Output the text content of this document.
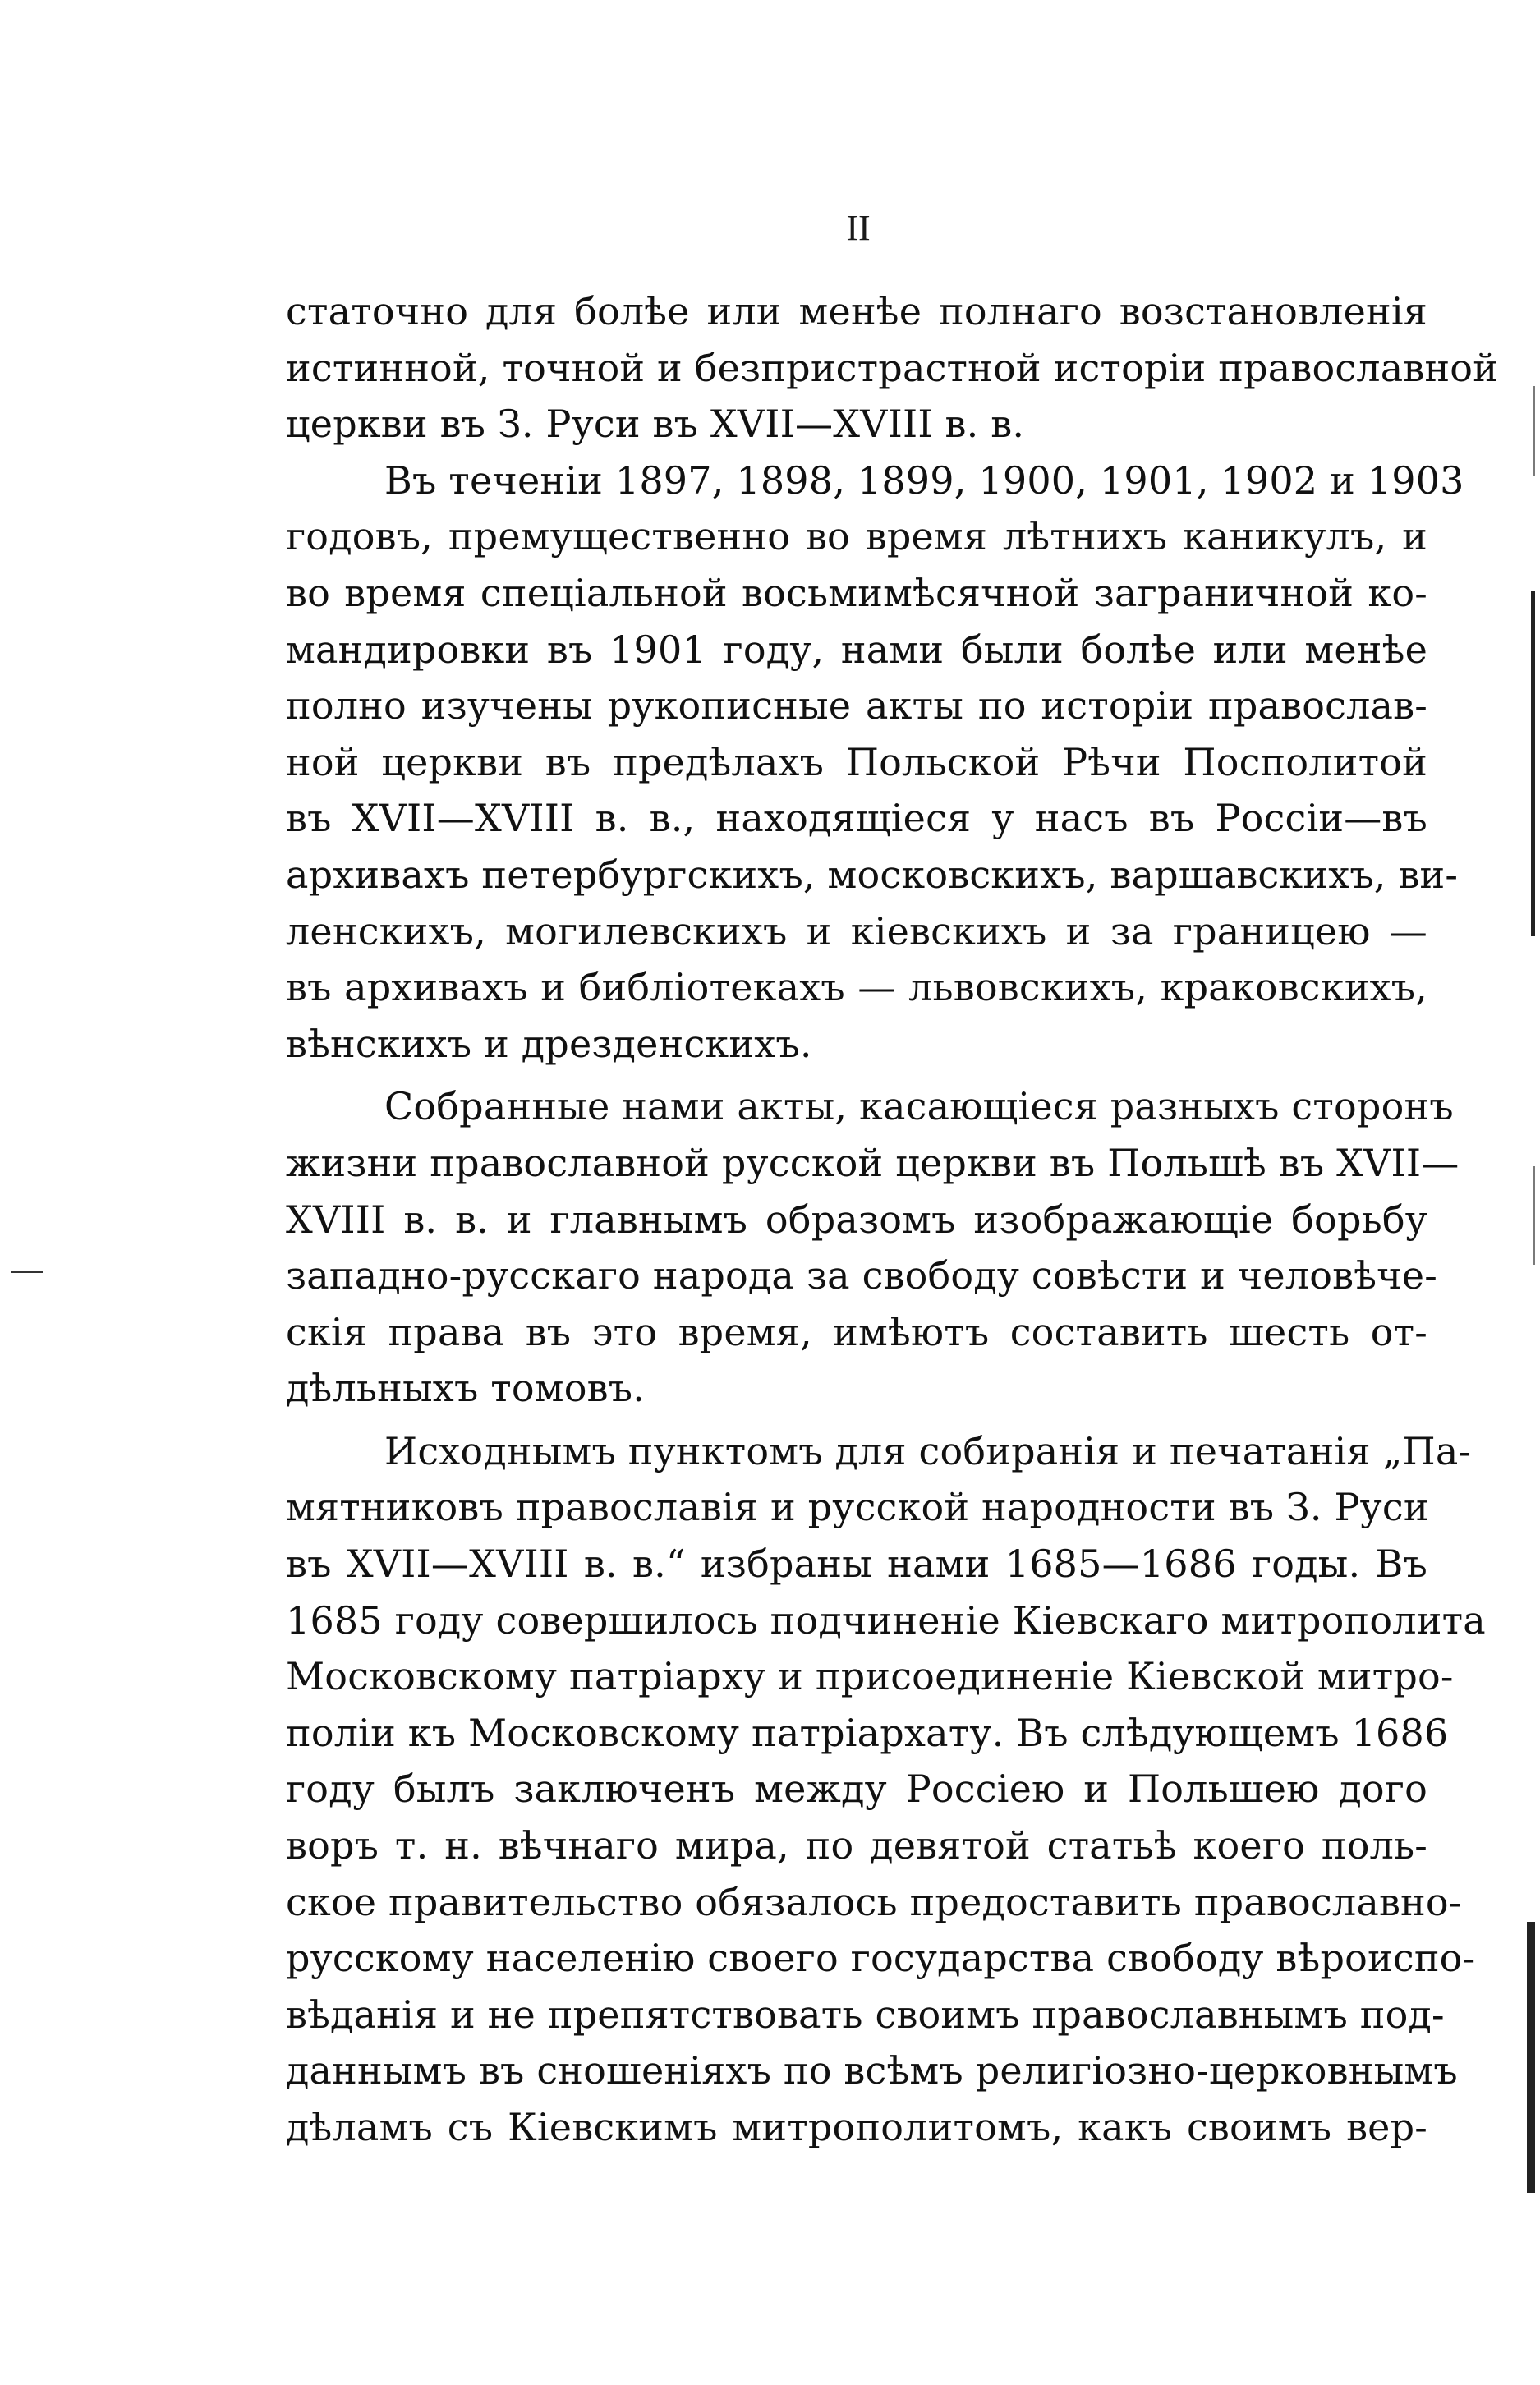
II
статочно для болѣе или менѣе полнаго возстановленія
истинной, точной и безпристрастной исторіи православной
церкви въ З. Руси въ XVII—XVIII в. в.
Въ теченіи 1897, 1898, 1899, 1900, 1901, 1902 и 1903
годовъ, премущественно во время лѣтнихъ каникулъ, и
во время спеціальной восьмимѣсячной заграничной ко-
мандировки въ 1901 году, нами были болѣе или менѣе
полно изучены рукописные акты по исторіи православ-
ной церкви въ предѣлахъ Польской Рѣчи Посполитой
въ XVII—XVIII в. в., находящіеся у насъ въ Россіи—въ
архивахъ петербургскихъ, московскихъ, варшавскихъ, ви-
ленскихъ, могилевскихъ и кіевскихъ и за границею —
въ архивахъ и библіотекахъ — львовскихъ, краковскихъ,
вѣнскихъ и дрезденскихъ.
Собранные нами акты, касающіеся разныхъ сторонъ
жизни православной русской церкви въ Польшѣ въ XVII—
XVIII в. в. и главнымъ образомъ изображающіе борьбу
западно-русскаго народа за свободу совѣсти и человѣче-
скія права въ это время, имѣютъ составить шесть от-
дѣльныхъ томовъ.
Исходнымъ пунктомъ для собиранія и печатанія „Па-
мятниковъ православія и русской народности въ З. Руси
въ XVII—XVIII в. в.“ избраны нами 1685—1686 годы. Въ
1685 году совершилось подчиненіе Кіевскаго митрополита
Московскому патріарху и присоединеніе Кіевской митро-
поліи къ Московскому патріархату. Въ слѣдующемъ 1686
году былъ заключенъ между Россіею и Польшею дого
воръ т. н. вѣчнаго мира, по девятой статьѣ коего поль-
ское правительство обязалось предоставить православно-
русскому населенію своего государства свободу вѣроиспо-
вѣданія и не препятствовать своимъ православнымъ под-
даннымъ въ сношеніяхъ по всѣмъ религіозно-церковнымъ
дѣламъ съ Кіевскимъ митрополитомъ, какъ своимъ вер-
